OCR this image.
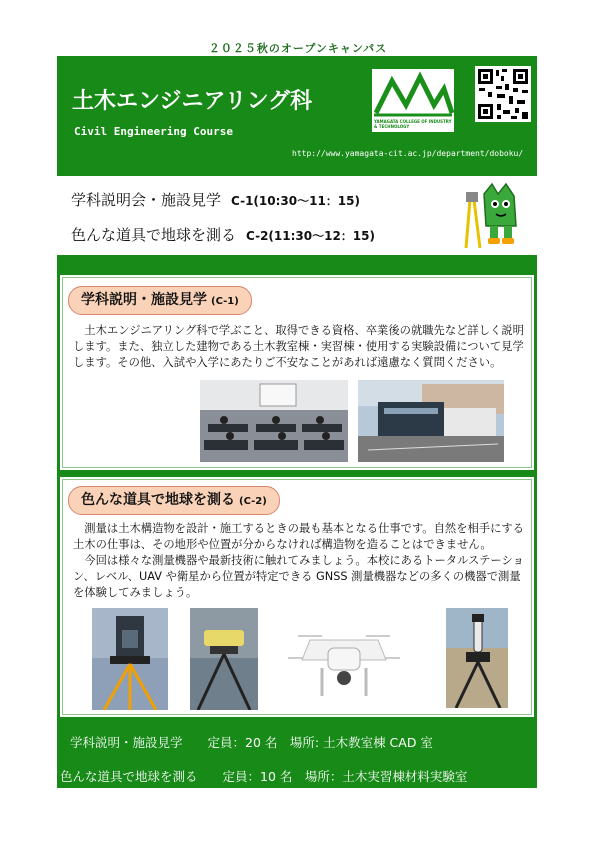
２０２５秋のオープンキャンパス
土木エンジニアリング科
Civil Engineering Course
http://www.yamagata-cit.ac.jp/department/doboku/
YAMAGATA COLLEGE OF INDUSTRY & TECHNOLOGY
学科説明会・施設見学 C-1(10:30〜11：15)
色んな道具で地球を測る C-2(11:30〜12：15)
学科説明・施設見学 (C-1)
　土木エンジニアリング科で学ぶこと、取得できる資格、卒業後の就職先など詳しく説明します。また、独立した建物である土木教室棟・実習棟・使用する実験設備について見学します。その他、入試や入学にあたりご不安なことがあれば遠慮なく質問ください。
色んな道具で地球を測る (C-2)
　測量は土木構造物を設計・施工するときの最も基本となる仕事です。自然を相手にする土木の仕事は、その地形や位置が分からなければ構造物を造ることはできません。
　今回は様々な測量機器や最新技術に触れてみましょう。本校にあるトータルステーション、レベル、UAV や衛星から位置が特定できる GNSS 測量機器などの多くの機器で測量を体験してみましょう。
学科説明・施設見学　　定員：20 名　場所: 土木教室棟 CAD 室
色んな道具で地球を測る　　定員：10 名　場所：土木実習棟材料実験室
